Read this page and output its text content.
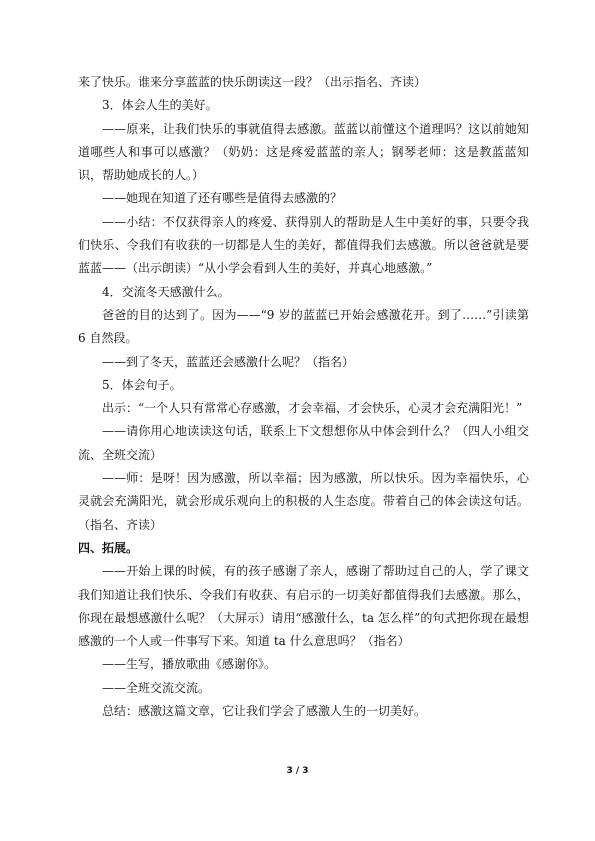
来了快乐。谁来分享蓝蓝的快乐朗读这一段？（出示指名、齐读）

3．体会人生的美好。

——原来，让我们快乐的事就值得去感激。蓝蓝以前懂这个道理吗？这以前她知道哪些人和事可以感激？（奶奶：这是疼爱蓝蓝的亲人；钢琴老师：这是教蓝蓝知识，帮助她成长的人。）

——她现在知道了还有哪些是值得去感激的？

——小结：不仅获得亲人的疼爱、获得别人的帮助是人生中美好的事，只要令我们快乐、令我们有收获的一切都是人生的美好，都值得我们去感激。所以爸爸就是要蓝蓝——（出示朗读）“从小学会看到人生的美好，并真心地感激。”

4．交流冬天感激什么。

爸爸的目的达到了。因为——“9 岁的蓝蓝已开始会感激花开。到了……”引读第 6 自然段。

——到了冬天，蓝蓝还会感激什么呢？（指名）

5．体会句子。

出示：“一个人只有常常心存感激，才会幸福，才会快乐，心灵才会充满阳光！”

——请你用心地读读这句话，联系上下文想想你从中体会到什么？（四人小组交流、全班交流）

——师：是呀！因为感激，所以幸福；因为感激，所以快乐。因为幸福快乐，心灵就会充满阳光，就会形成乐观向上的积极的人生态度。带着自己的体会读这句话。（指名、齐读）

四、拓展。

——开始上课的时候，有的孩子感谢了亲人，感谢了帮助过自己的人，学了课文我们知道让我们快乐、令我们有收获、有启示的一切美好都值得我们去感激。那么，你现在最想感激什么呢？（大屏示）请用“感激什么，ta 怎么样”的句式把你现在最想感激的一个人或一件事写下来。知道 ta 什么意思吗？（指名）

——生写，播放歌曲《感谢你》。

——全班交流交流。

总结：感激这篇文章，它让我们学会了感激人生的一切美好。

3 / 3
